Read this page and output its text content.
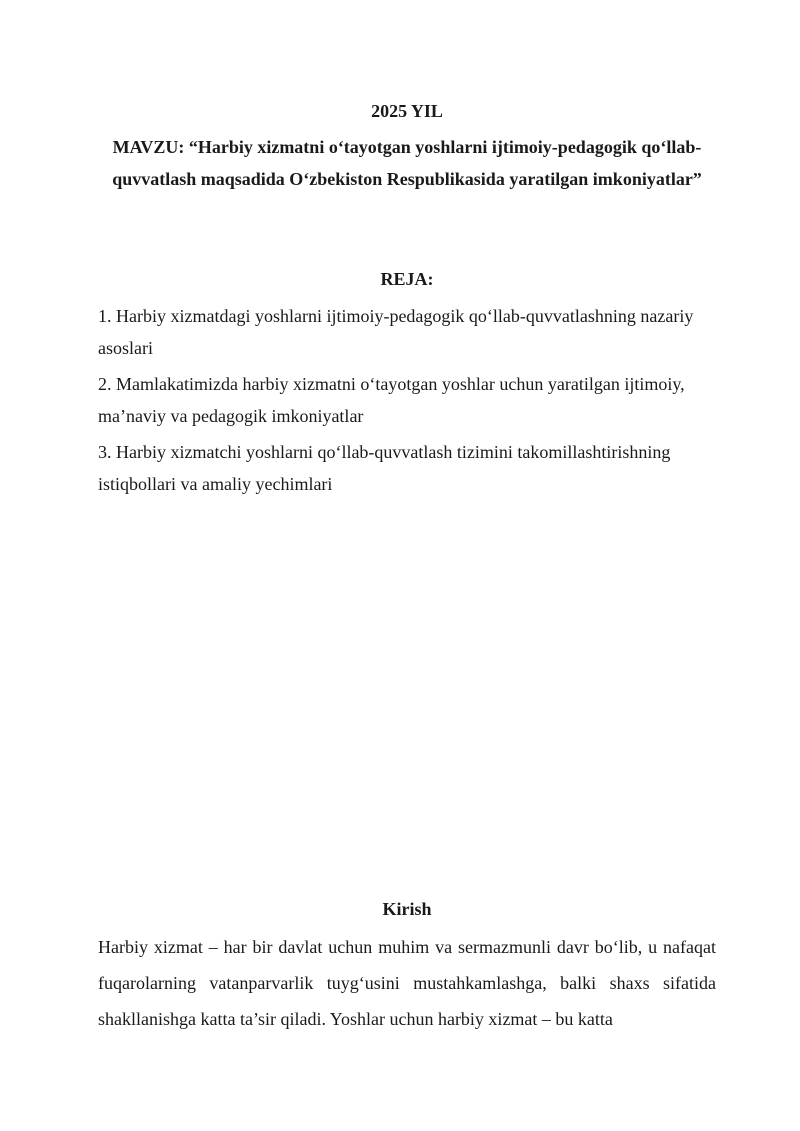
2025 YIL
MAVZU: “Harbiy xizmatni o‘tayotgan yoshlarni ijtimoiy-pedagogik qo‘llab-quvvatlash maqsadida O‘zbekiston Respublikasida yaratilgan imkoniyatlar”
REJA:
1. Harbiy xizmatdagi yoshlarni ijtimoiy-pedagogik qo‘llab-quvvatlashning nazariy asoslari
2. Mamlakatimizda harbiy xizmatni o‘tayotgan yoshlar uchun yaratilgan ijtimoiy, ma’naviy va pedagogik imkoniyatlar
3. Harbiy xizmatchi yoshlarni qo‘llab-quvvatlash tizimini takomillashtirishning istiqbollari va amaliy yechimlari
Kirish

Harbiy xizmat – har bir davlat uchun muhim va sermazmunli davr bo‘lib, u nafaqat fuqarolarning vatanparvarlik tuyg‘usini mustahkamlashga, balki shaxs sifatida shakllanishga katta ta’sir qiladi. Yoshlar uchun harbiy xizmat – bu katta
